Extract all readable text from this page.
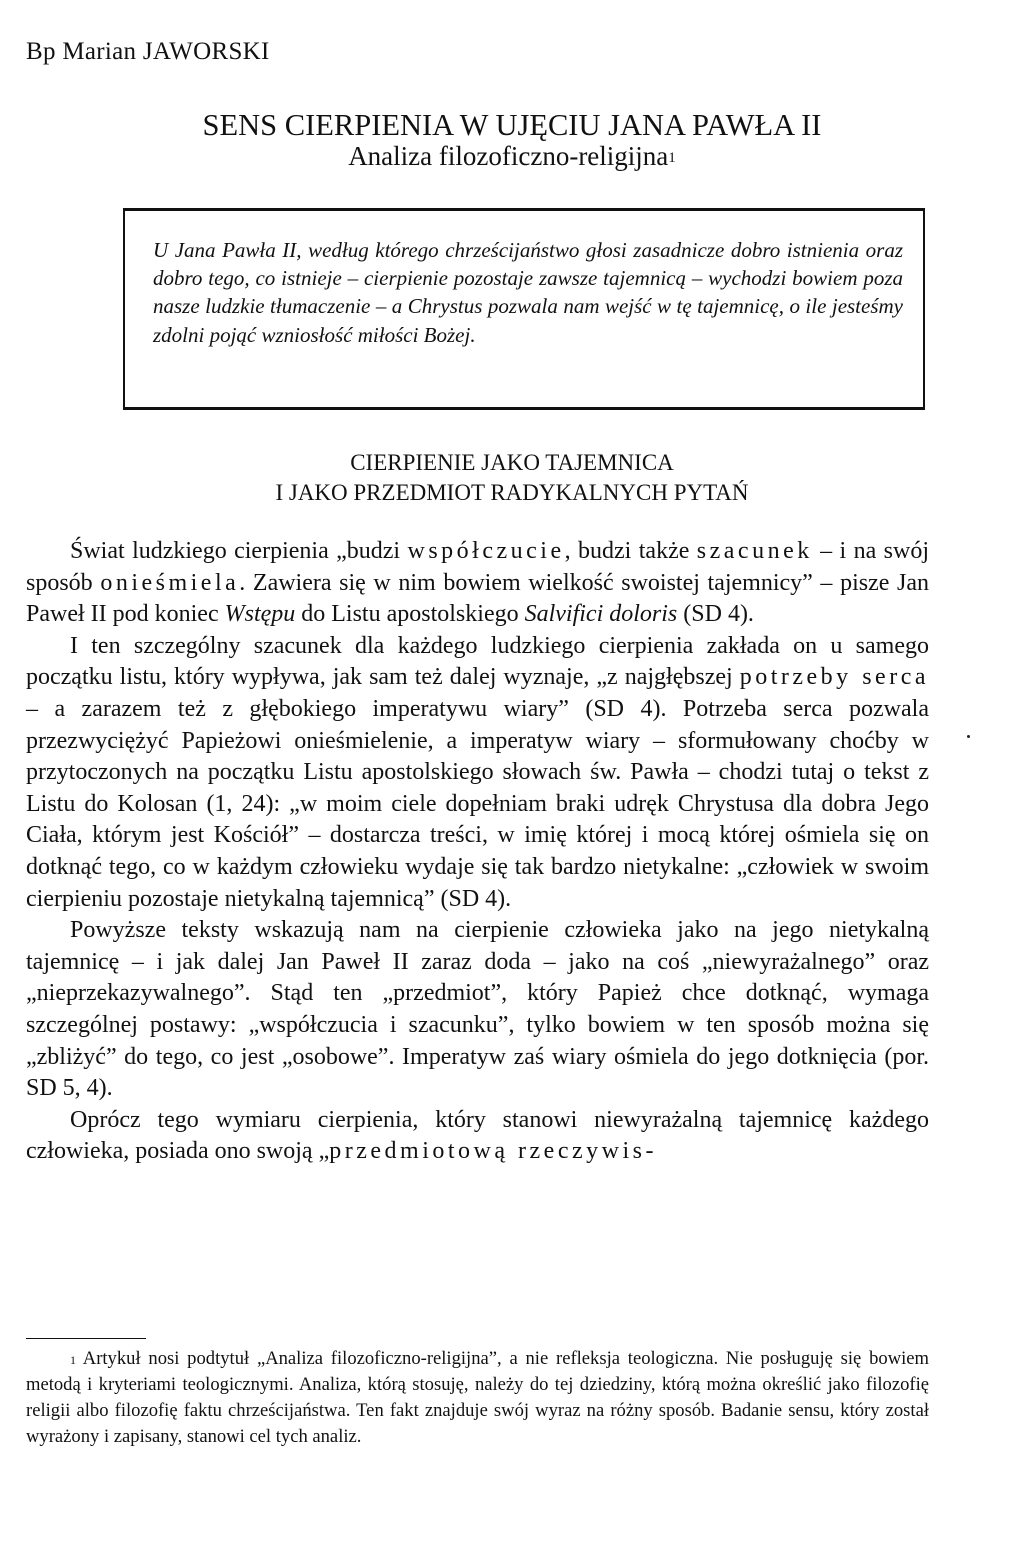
Bp Marian JAWORSKI
SENS CIERPIENIA W UJĘCIU JANA PAWŁA II
Analiza filozoficzno-religijna$^1$
U Jana Pawła II, według którego chrześcijaństwo głosi zasadnicze dobro istnienia oraz dobro tego, co istnieje – cierpienie pozostaje zawsze tajemnicą – wychodzi bowiem poza nasze ludzkie tłumaczenie – a Chrystus pozwala nam wejść w tę tajemnicę, o ile jesteśmy zdolni pojąć wzniosłość miłości Bożej.
CIERPIENIE JAKO TAJEMNICA
I JAKO PRZEDMIOT RADYKALNYCH PYTAŃ

Świat ludzkiego cierpienia „budzi współczucie, budzi także szacunek – i na swój sposób onieśmiela. Zawiera się w nim bowiem wielkość swoistej tajemnicy” – pisze Jan Paweł II pod koniec Wstępu do Listu apostolskiego Salvifici doloris (SD 4).

I ten szczególny szacunek dla każdego ludzkiego cierpienia zakłada on u samego początku listu, który wypływa, jak sam też dalej wyznaje, „z najgłębszej potrzeby serca – a zarazem też z głębokiego imperatywu wiary” (SD 4). Potrzeba serca pozwala przezwyciężyć Papieżowi onieśmielenie, a imperatyw wiary – sformułowany choćby w przytoczonych na początku Listu apostolskiego słowach św. Pawła – chodzi tutaj o tekst z Listu do Kolosan (1, 24): „w moim ciele dopełniam braki udręk Chrystusa dla dobra Jego Ciała, którym jest Kościół” – dostarcza treści, w imię której i mocą której ośmiela się on dotknąć tego, co w każdym człowieku wydaje się tak bardzo nietykalne: „człowiek w swoim cierpieniu pozostaje nietykalną tajemnicą” (SD 4).

Powyższe teksty wskazują nam na cierpienie człowieka jako na jego nietykalną tajemnicę – i jak dalej Jan Paweł II zaraz doda – jako na coś „niewyrażalnego” oraz „nieprzekazywalnego”. Stąd ten „przedmiot”, który Papież chce dotknąć, wymaga szczególnej postawy: „współczucia i szacunku”, tylko bowiem w ten sposób można się „zbliżyć” do tego, co jest „osobowe”. Imperatyw zaś wiary ośmiela do jego dotknięcia (por. SD 5, 4).

Oprócz tego wymiaru cierpienia, który stanowi niewyrażalną tajemnicę każdego człowieka, posiada ono swoją „przedmiotową rzeczywis-

$^1$ Artykuł nosi podtytuł „Analiza filozoficzno-religijna”, a nie refleksja teologiczna. Nie posługuję się bowiem metodą i kryteriami teologicznymi. Analiza, którą stosuję, należy do tej dziedziny, którą można określić jako filozofię religii albo filozofię faktu chrześcijaństwa. Ten fakt znajduje swój wyraz na różny sposób. Badanie sensu, który został wyrażony i zapisany, stanowi cel tych analiz.
